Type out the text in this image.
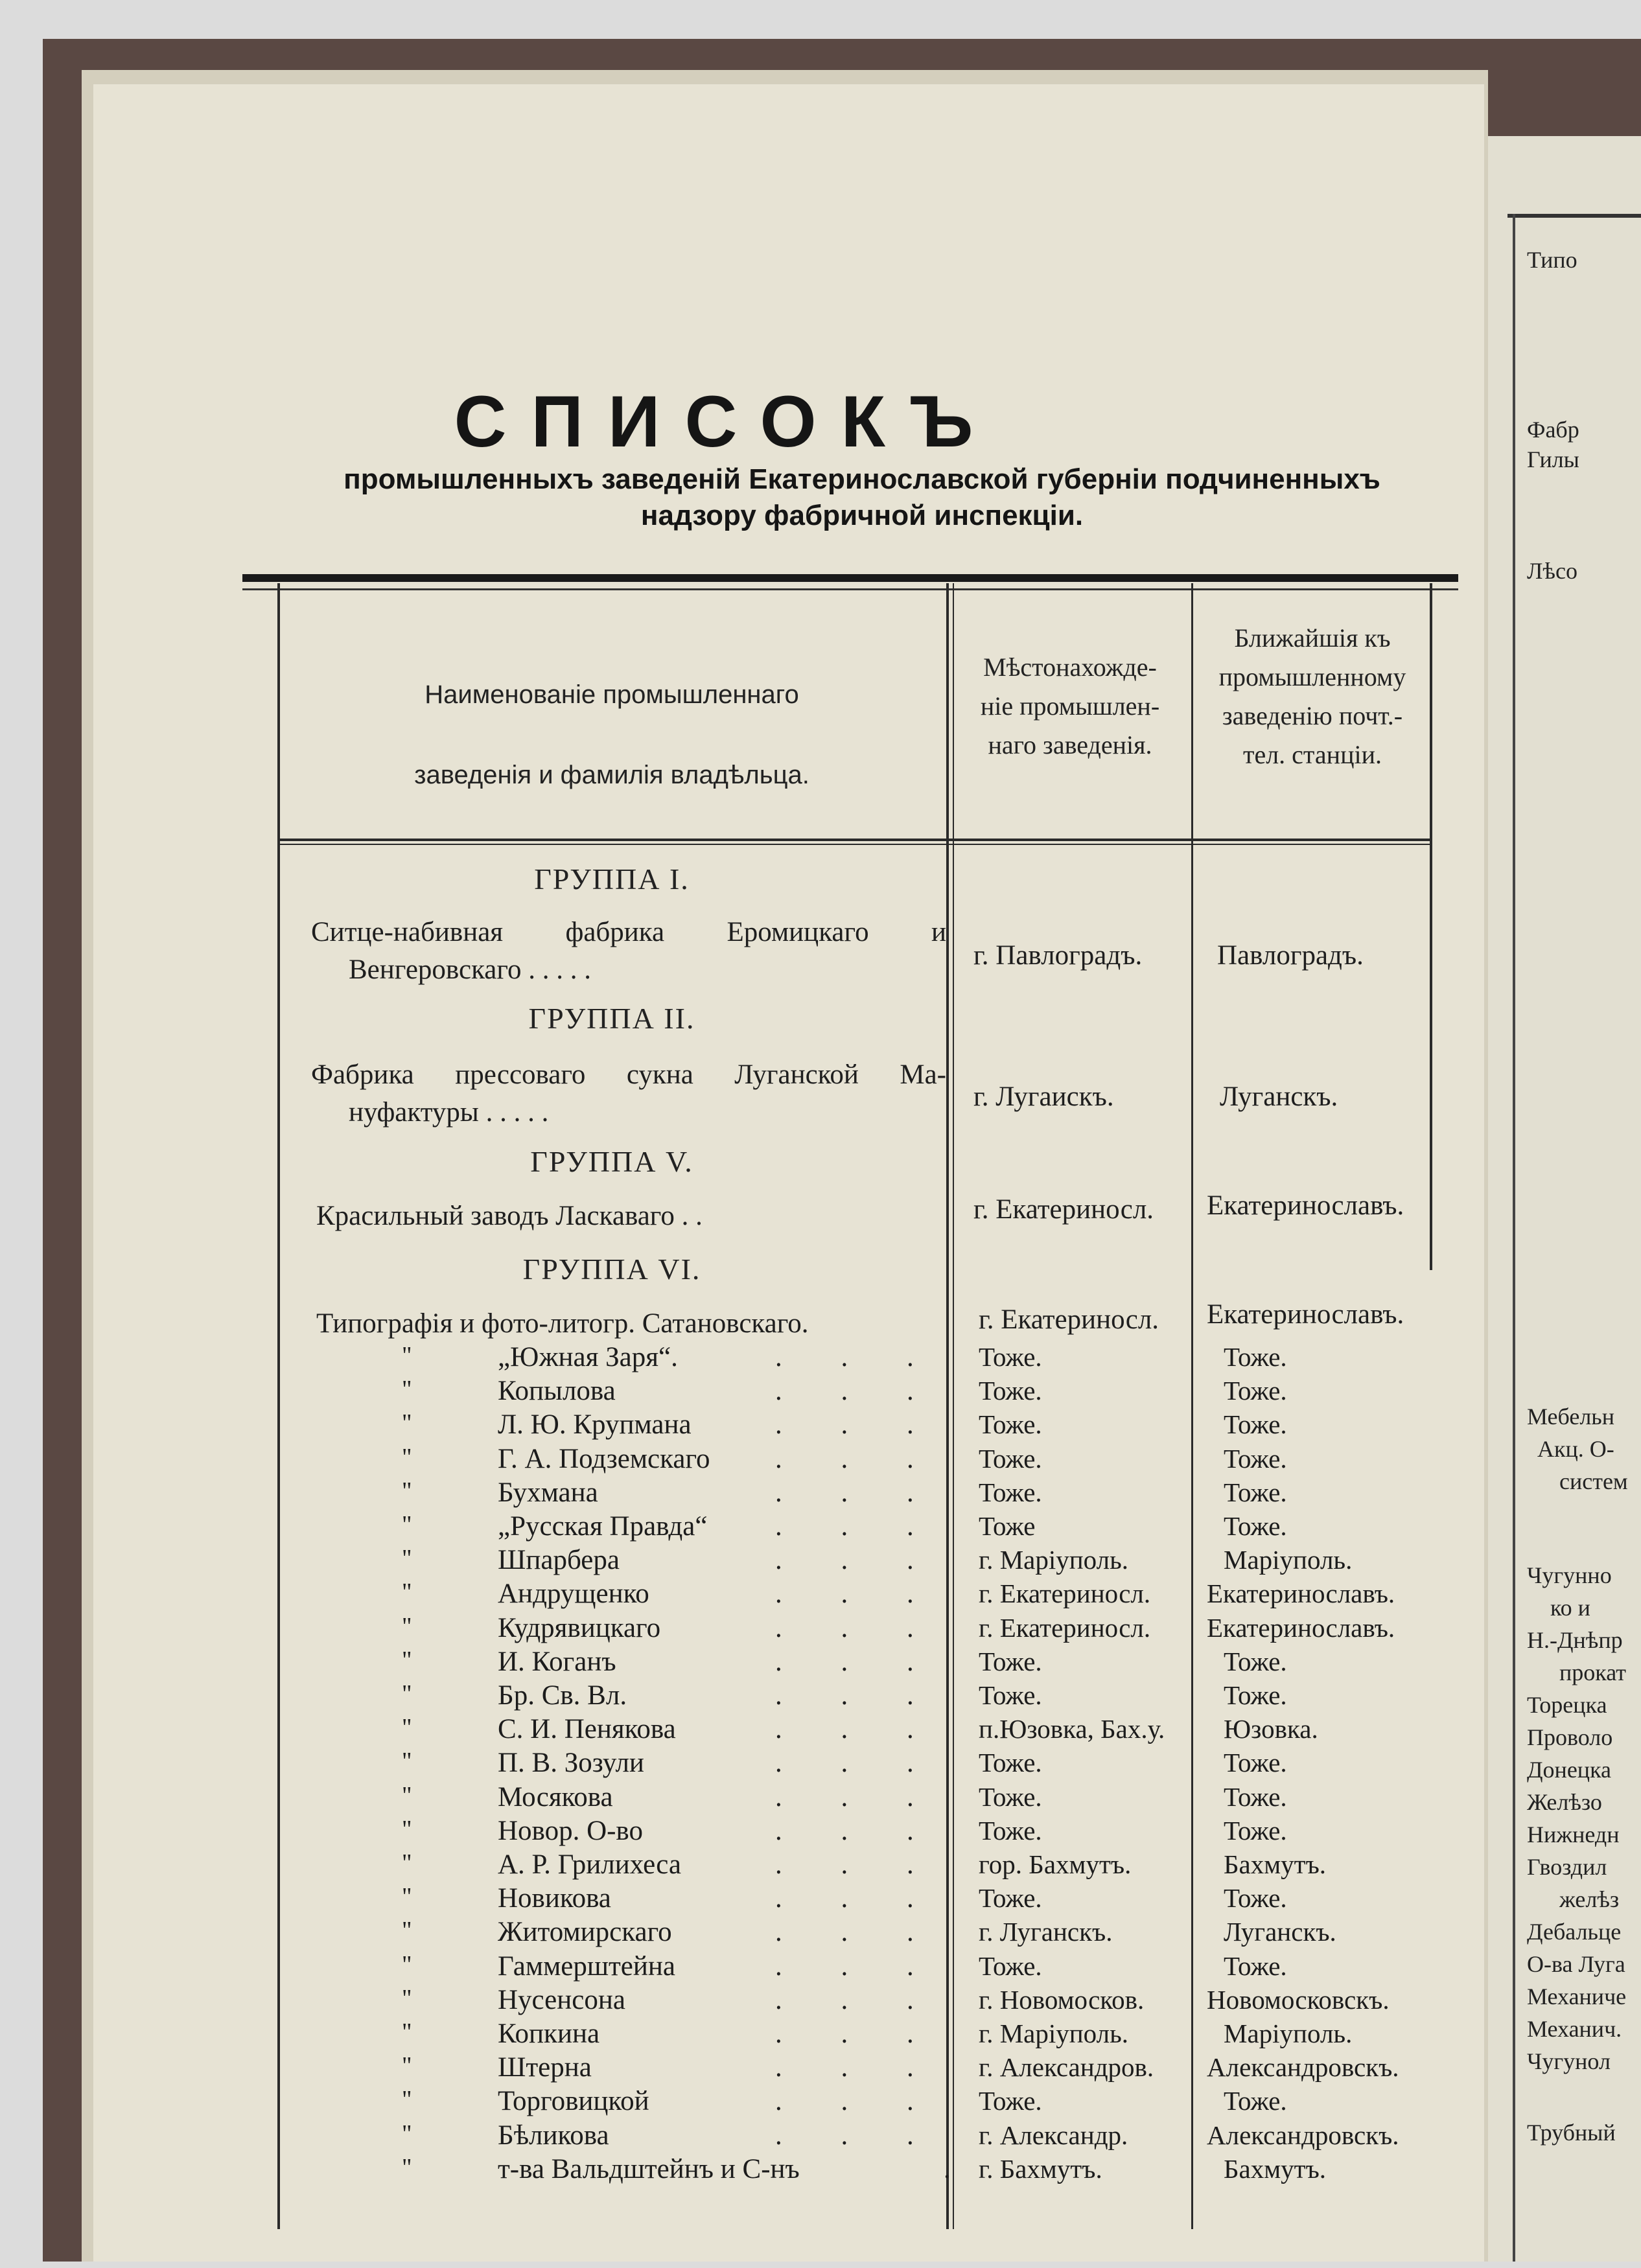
Типо
Фабр
Гилы
Лѣсо
Мебельн
Акц. О-
систем
Чугунно
ко и
Н.-Днѣпр
прокат
Торецка
Проволо
Донецка
Желѣзо
Нижнедн
Гвоздил
желѣз
Дебальце
О-ва Луга
Механиче
Механич.
Чугунол
Трубный
СПИСОКЪ
промышленныхъ заведенiй Екатеринославской губернiи подчиненныхъ
надзору фабричной инспекцiи.
Наименованiе промышленнаго
заведенiя и фамилiя владѣльца.
Мѣстонахожде-
нiе промышлен-
наго заведенiя.
Ближайшiя къ
промышленному
заведенiю почт.-
тел. станцiи.
ГРУППА I.
Ситце-набивная фабрика Еромицкаго и
Венгеровскаго . . . . .	г. Павлоградъ.	Павлоградъ.
ГРУППА II.
Фабрика прессоваго сукна Луганской Ма-
нуфактуры . . . . .
г. Лугаискъ.	Луганскъ.
ГРУППА V.
Красильный заводъ Ласкаваго . .	г. Екатериносл. Екатеринославъ.
ГРУППА VI.
Типографiя и фото-литогр. Сатановскаго.	г. Екатериносл. Екатеринославъ.
"	„Южная Заря“.	. . . Тоже.	Тоже.
"	Копылова	. . . Тоже.	Тоже.
"	Л. Ю. Крупмана	. . . Тоже.	Тоже.
"	Г. А. Подземскаго . . . Тоже.	Тоже.
"	Бухмана	. . . Тоже.	Тоже.
"	„Русская Правда“ . . . Тоже	Тоже.
"	Шпарбера	. . . г. Марiуполь.	Марiуполь.
"	Андрущенко	. . . г. Екатериносл. Екатеринославъ.
"	Кудрявицкаго	. . . г. Екатериносл. Екатеринославъ.
"	И. Коганъ	. . . Тоже.	Тоже.
"	Бр. Св. Вл.	. . . Тоже.	Тоже.
"	С. И. Пенякова	. . . п.Юзовка, Бах.у. Юзовка.
"	П. В. Зозули	. . . Тоже.	Тоже.
"	Мосякова	. . . Тоже.	Тоже.
"	Новор. О-во	. . . Тоже.	Тоже.
"	А. Р. Грилихеса	. . . гор. Бахмутъ.	Бахмутъ.
"	Новикова	. . . Тоже.	Тоже.
"	Житомирскаго	. . . г. Луганскъ.	Луганскъ.
"	Гаммерштейна	. . . Тоже.	Тоже.
"	Нусенсона	. . . г. Новомосков. Новомосковскъ.
"	Копкина	. . . г. Марiуполь.	Марiуполь.
"	Штерна	. . . г. Александров. Александровскъ.
"	Торговицкой	. . . Тоже.	Тоже.
"	Бѣликова	. . . г. Александр.	Александровскъ.
"	т-ва Вальдштейнъ и С-нъ	. г. Бахмутъ.	Бахмутъ.
